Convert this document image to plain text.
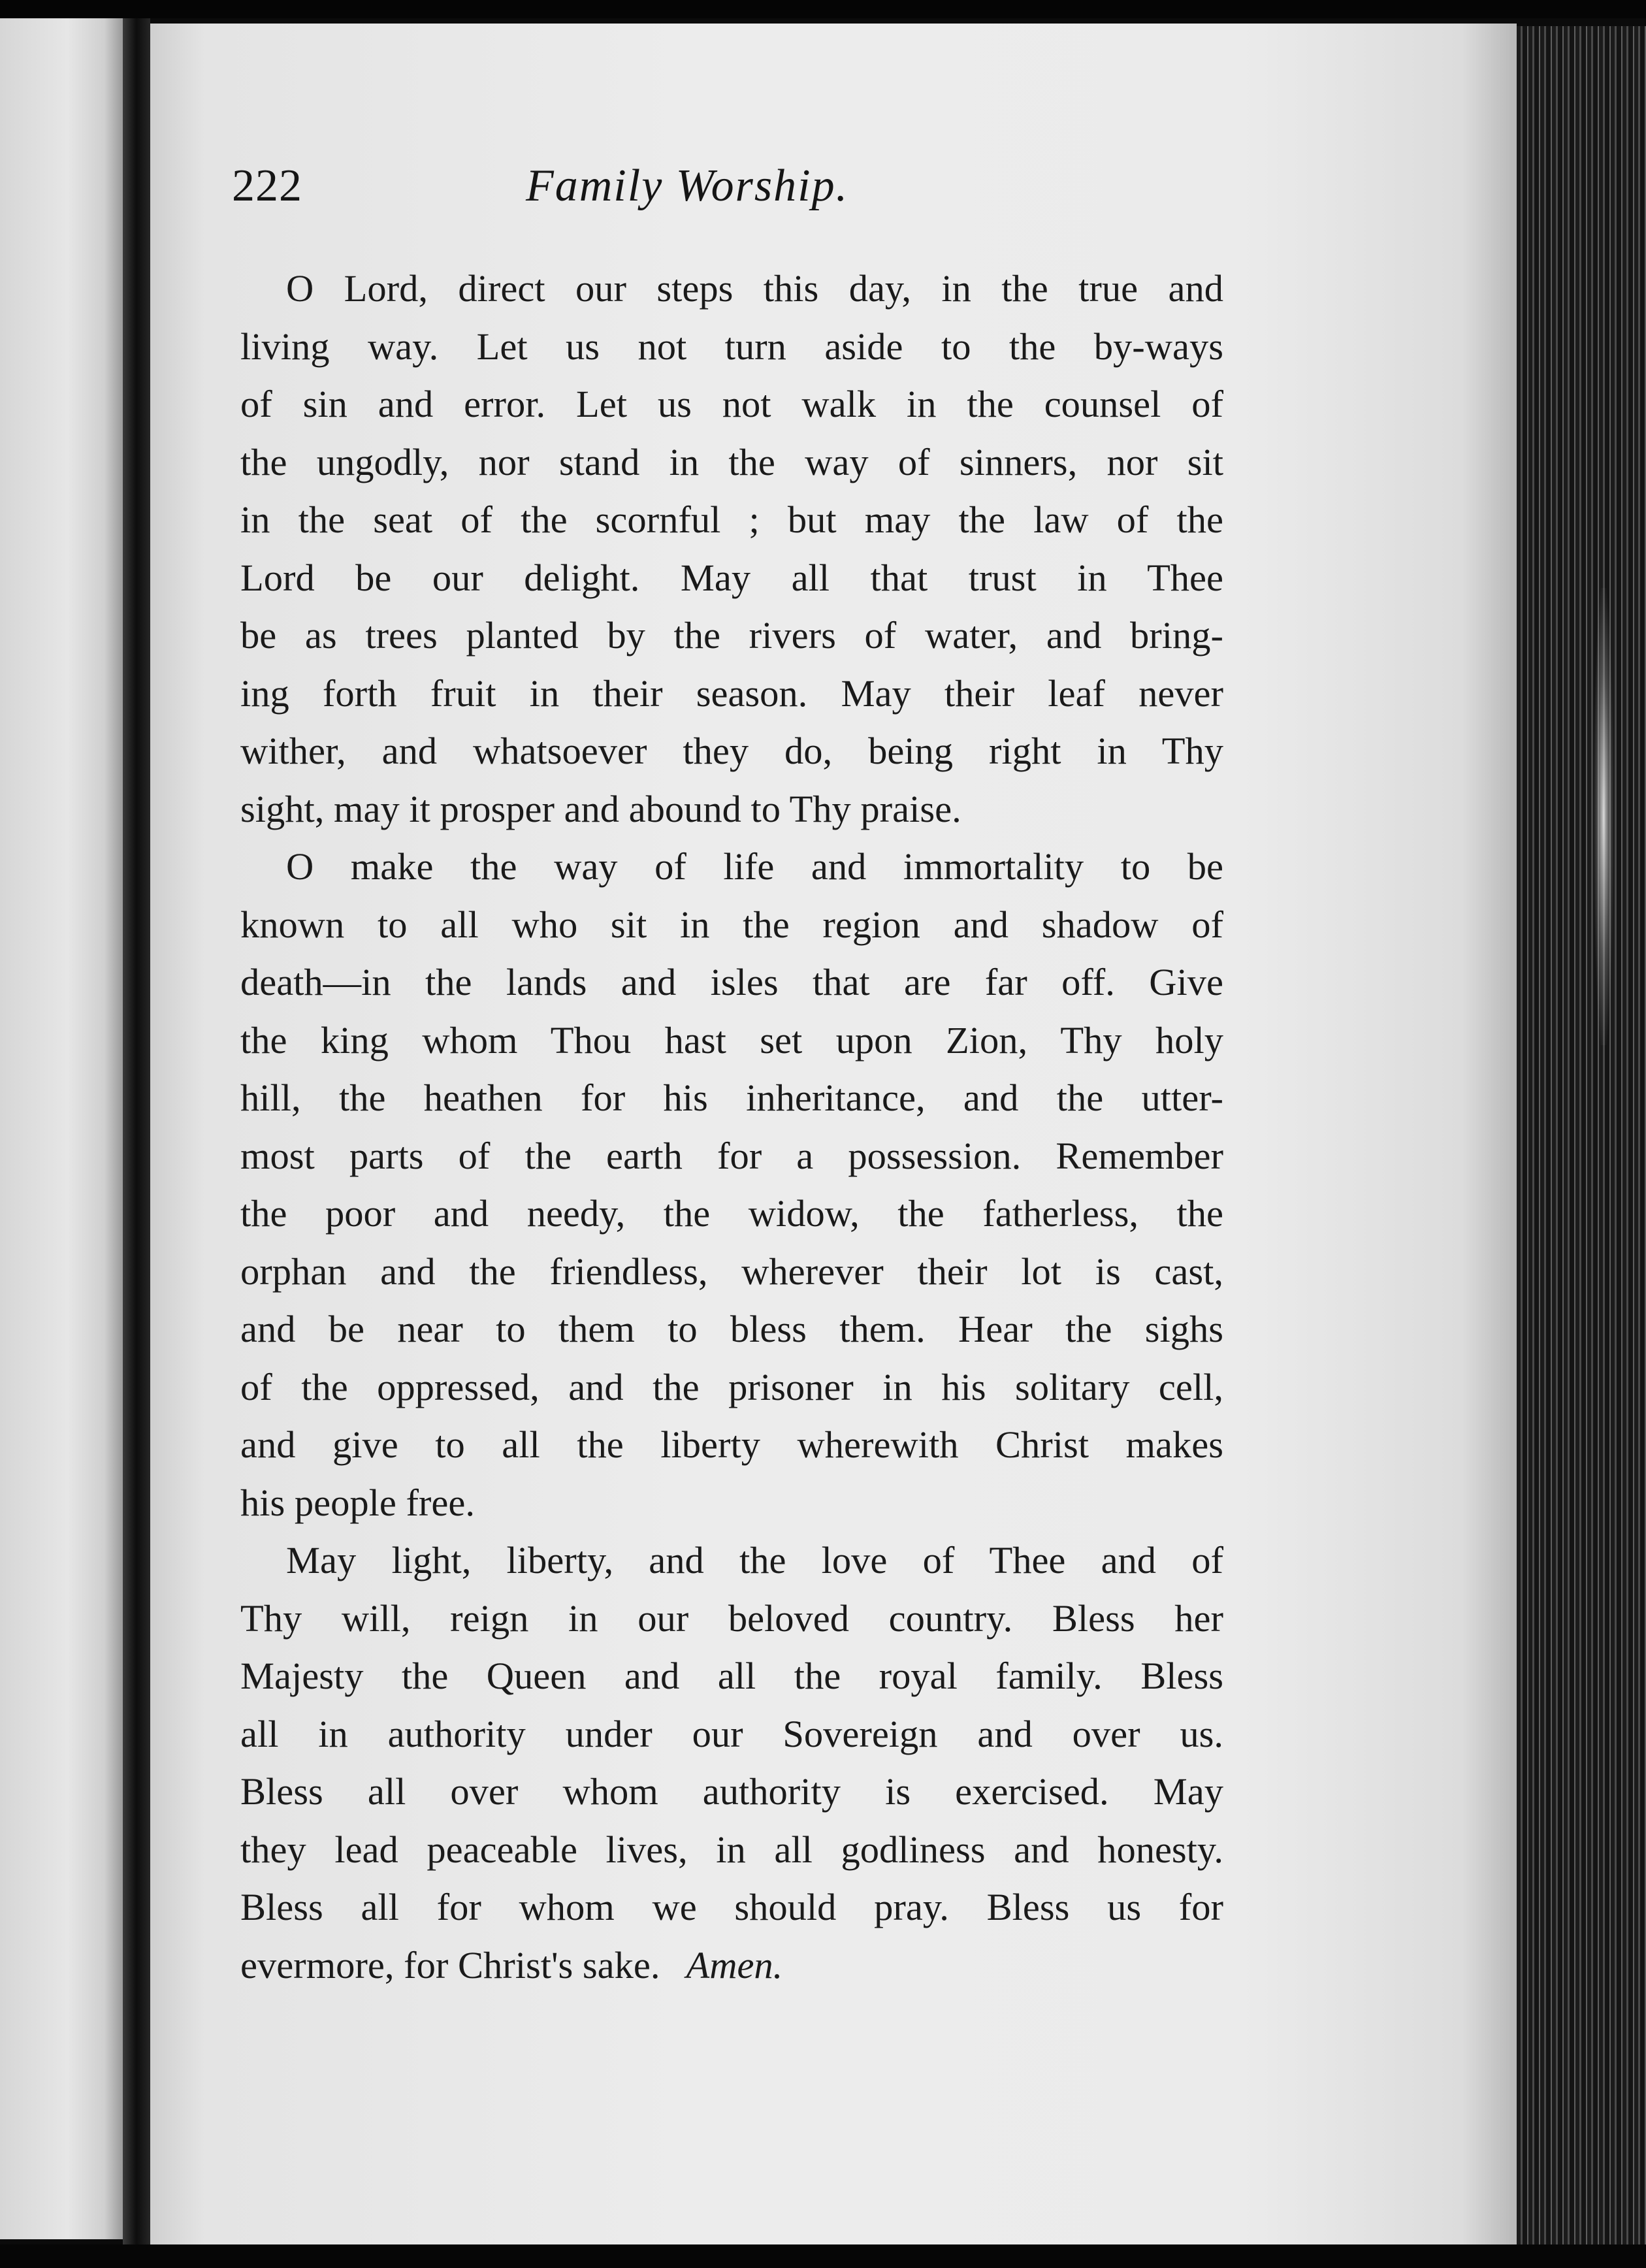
222	Family Worship.
O Lord, direct our steps this day, in the true and
living way. Let us not turn aside to the by-ways
of sin and error. Let us not walk in the counsel of
the ungodly, nor stand in the way of sinners, nor sit
in the seat of the scornful ; but may the law of the
Lord be our delight. May all that trust in Thee
be as trees planted by the rivers of water, and bring-
ing forth fruit in their season. May their leaf never
wither, and whatsoever they do, being right in Thy
sight, may it prosper and abound to Thy praise.
O make the way of life and immortality to be
known to all who sit in the region and shadow of
death—in the lands and isles that are far off. Give
the king whom Thou hast set upon Zion, Thy holy
hill, the heathen for his inheritance, and the utter-
most parts of the earth for a possession. Remember
the poor and needy, the widow, the fatherless, the
orphan and the friendless, wherever their lot is cast,
and be near to them to bless them. Hear the sighs
of the oppressed, and the prisoner in his solitary cell,
and give to all the liberty wherewith Christ makes
his people free.
May light, liberty, and the love of Thee and of
Thy will, reign in our beloved country. Bless her
Majesty the Queen and all the royal family. Bless
all in authority under our Sovereign and over us.
Bless all over whom authority is exercised. May
they lead peaceable lives, in all godliness and honesty.
Bless all for whom we should pray. Bless us for
evermore, for Christ's sake. Amen.
